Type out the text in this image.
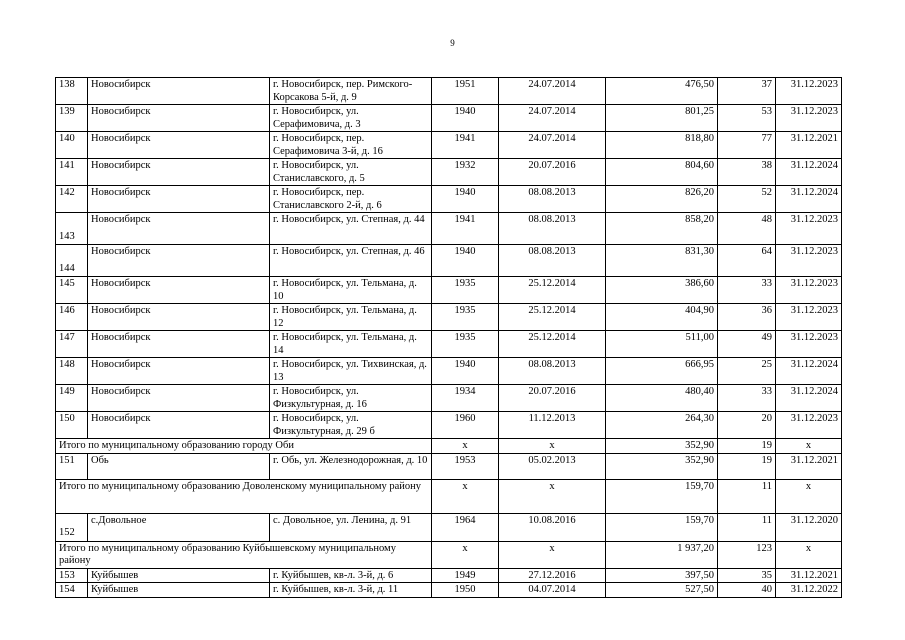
9
138	Новосибирск	г. Новосибирск, пер. Римского-Корсакова 5-й, д. 9	1951	24.07.2014	476,50	37	31.12.2023
139	Новосибирск	г. Новосибирск, ул. Серафимовича, д. 3	1940	24.07.2014	801,25	53	31.12.2023
140	Новосибирск	г. Новосибирск, пер. Серафимовича 3-й, д. 16	1941	24.07.2014	818,80	77	31.12.2021
141	Новосибирск	г. Новосибирск, ул. Станиславского, д. 5	1932	20.07.2016	804,60	38	31.12.2024
142	Новосибирск	г. Новосибирск, пер. Станиславского 2-й, д. 6	1940	08.08.2013	826,20	52	31.12.2024
143	Новосибирск	г. Новосибирск, ул. Степная, д. 44	1941	08.08.2013	858,20	48	31.12.2023
144	Новосибирск	г. Новосибирск, ул. Степная, д. 46	1940	08.08.2013	831,30	64	31.12.2023
145	Новосибирск	г. Новосибирск, ул. Тельмана, д. 10	1935	25.12.2014	386,60	33	31.12.2023
146	Новосибирск	г. Новосибирск, ул. Тельмана, д. 12	1935	25.12.2014	404,90	36	31.12.2023
147	Новосибирск	г. Новосибирск, ул. Тельмана, д. 14	1935	25.12.2014	511,00	49	31.12.2023
148	Новосибирск	г. Новосибирск, ул. Тихвинская, д. 13	1940	08.08.2013	666,95	25	31.12.2024
149	Новосибирск	г. Новосибирск, ул. Физкультурная, д. 16	1934	20.07.2016	480,40	33	31.12.2024
150	Новосибирск	г. Новосибирск, ул. Физкультурная, д. 29 б	1960	11.12.2013	264,30	20	31.12.2023
Итого по муниципальному образованию городу Оби			x	x	352,90	19	x
151	Обь	г. Обь, ул. Железнодорожная, д. 10	1953	05.02.2013	352,90	19	31.12.2021
Итого по муниципальному образованию Доволенскому муниципальному району			x	x	159,70	11	x
152	с.Довольное	с. Довольное, ул. Ленина, д. 91	1964	10.08.2016	159,70	11	31.12.2020
Итого по муниципальному образованию Куйбышевскому муниципальному району			x	x	1 937,20	123	x
153	Куйбышев	г. Куйбышев, кв-л. 3-й, д. 6	1949	27.12.2016	397,50	35	31.12.2021
154	Куйбышев	г. Куйбышев, кв-л. 3-й, д. 11	1950	04.07.2014	527,50	40	31.12.2022
